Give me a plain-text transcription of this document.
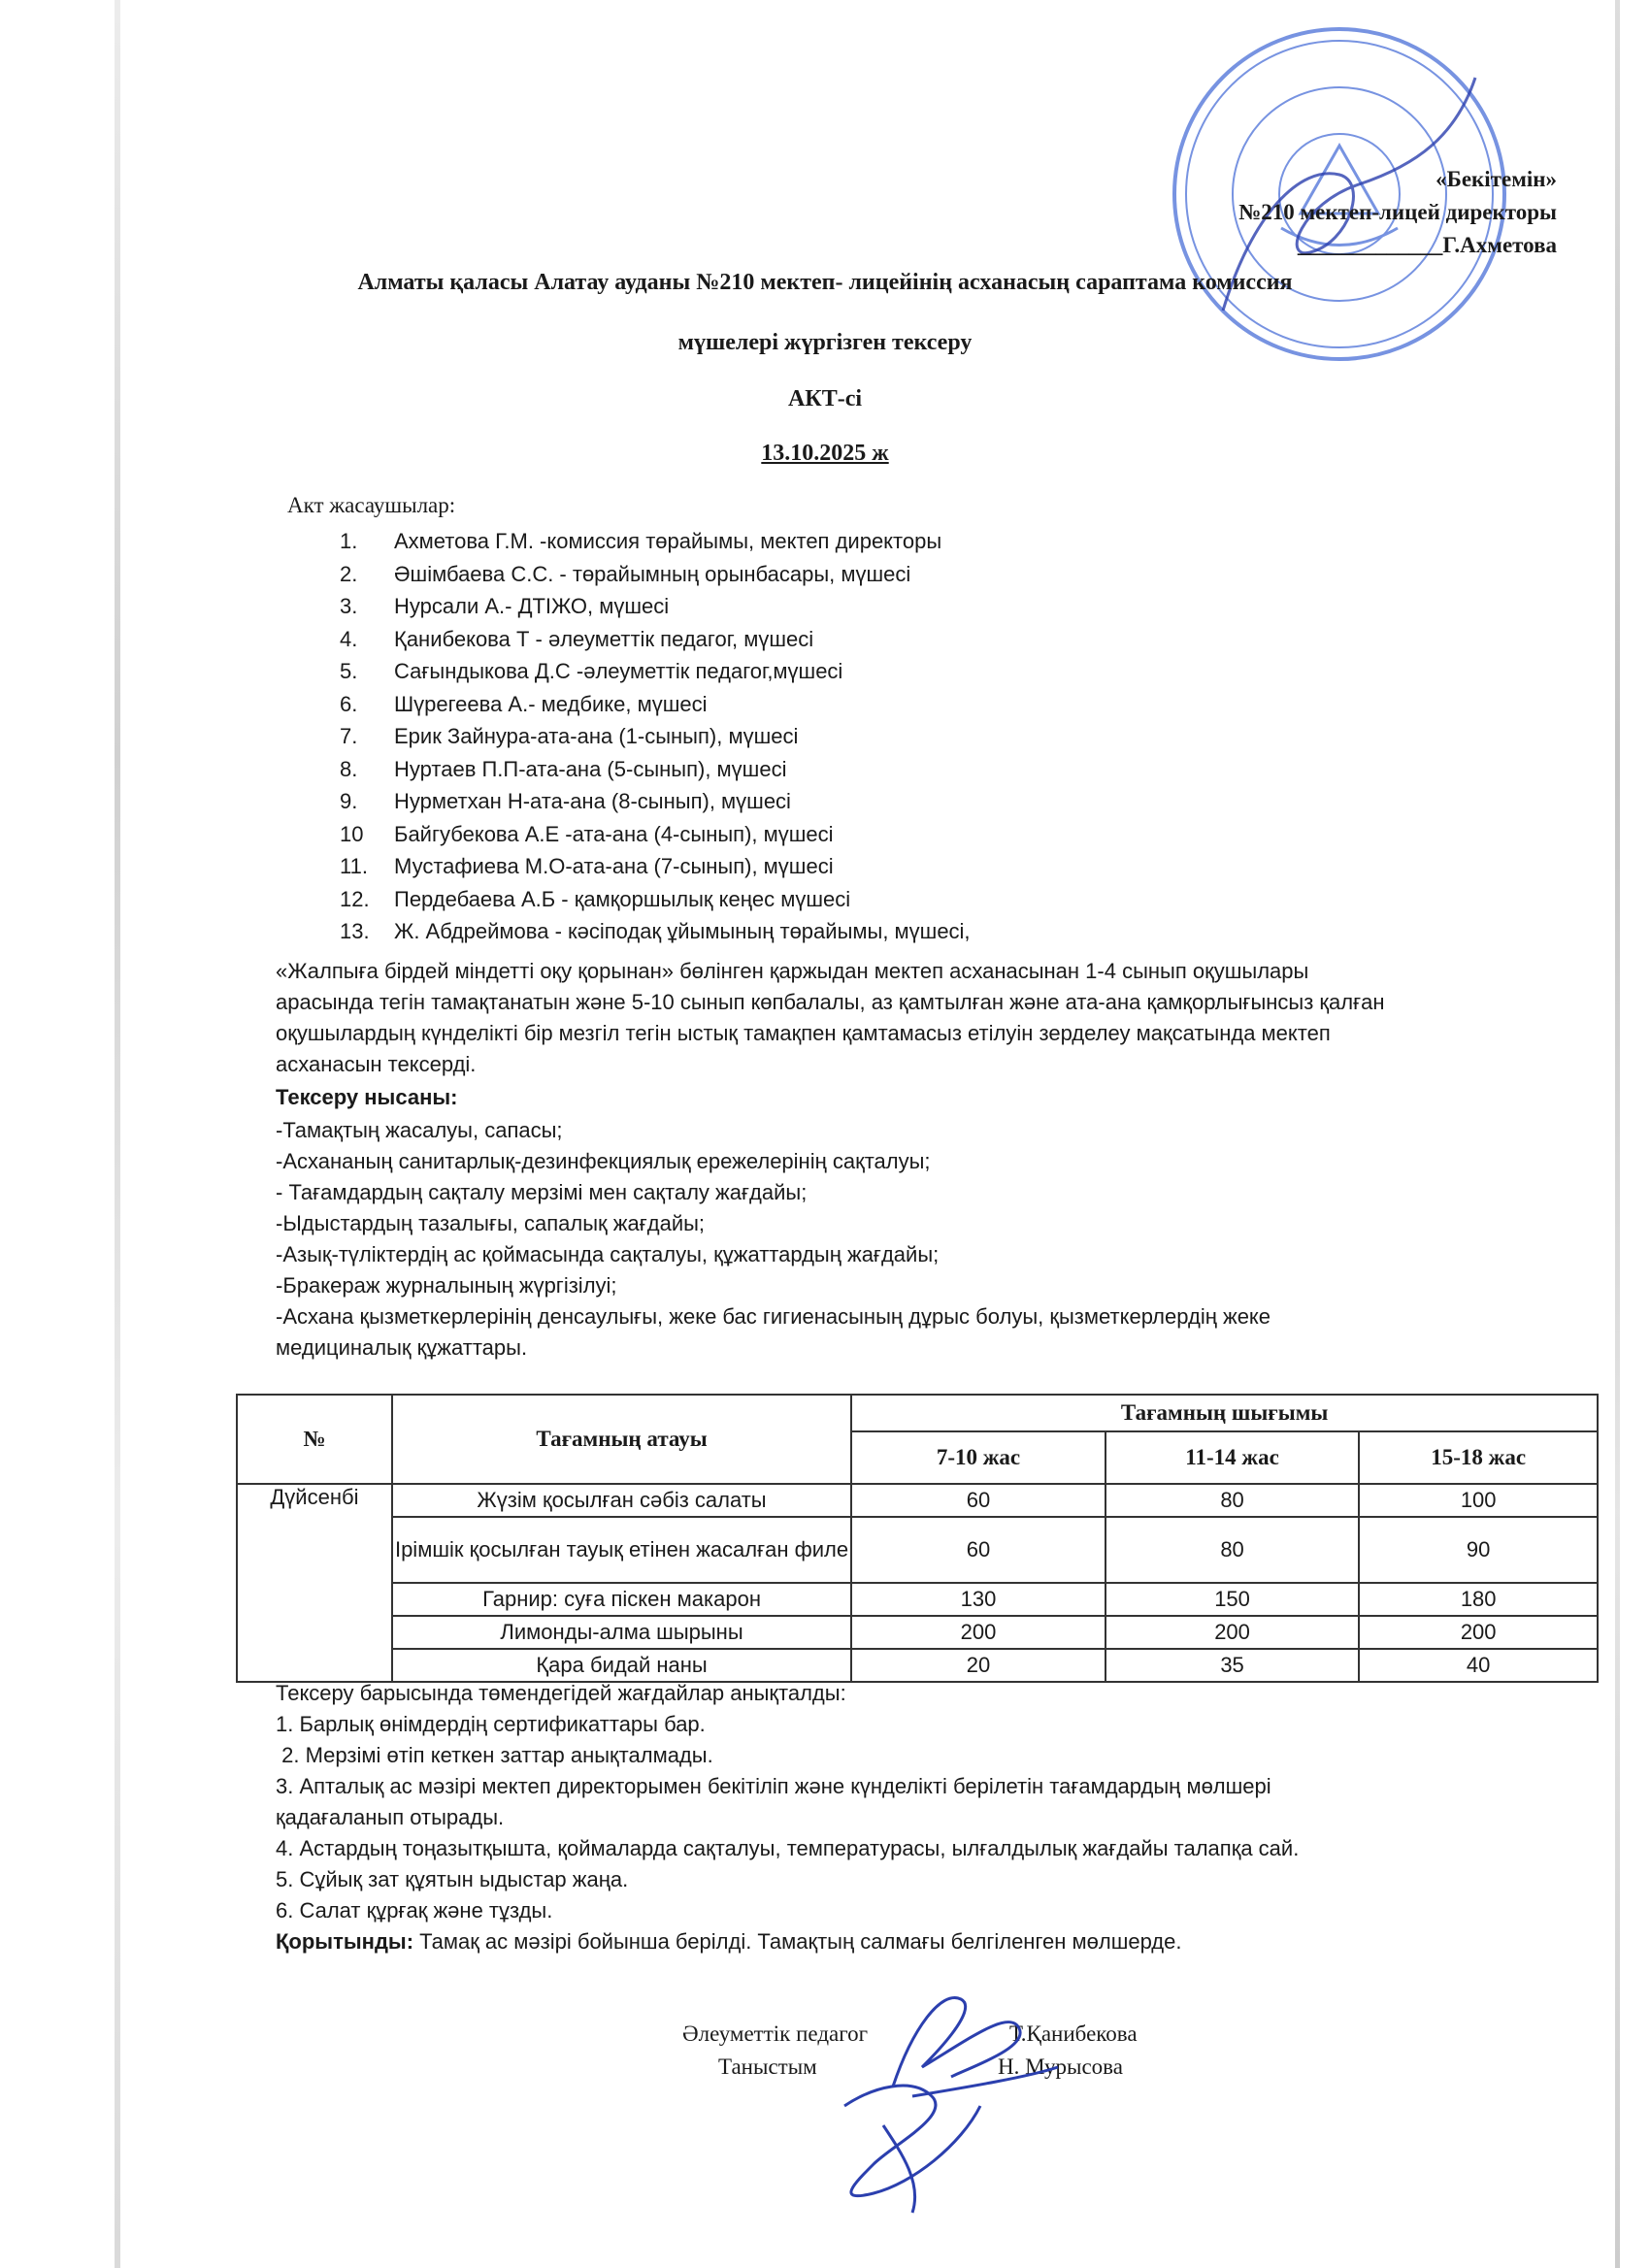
«Бекітемін»
№210 мектеп-лицей директоры
_____________Г.Ахметова
Алматы қаласы Алатау ауданы №210 мектеп- лицейінің асханасың сараптама комиссия
мүшелері жүргізген тексеру
АКТ-сі
13.10.2025 ж
Акт жасаушылар:
1. Ахметова Г.М. -комиссия төрайымы, мектеп директоры
2. Әшімбаева С.С. - төрайымның орынбасары, мүшесі
3. Нурсали А.- ДТІЖО, мүшесі
4. Қанибекова Т - әлеуметтік педагог, мүшесі
5. Сағындыкова Д.С -әлеуметтік педагог,мүшесі
6. Шүрегеева А.- медбике, мүшесі
7. Ерик Зайнура-ата-ана (1-сынып), мүшесі
8. Нуртаев П.П-ата-ана (5-сынып), мүшесі
9. Нурметхан Н-ата-ана (8-сынып), мүшесі
10 Байгубекова А.Е -ата-ана (4-сынып), мүшесі
11. Мустафиева М.О-ата-ана (7-сынып), мүшесі
12. Пердебаева А.Б - қамқоршылық кеңес мүшесі
13. Ж. Абдреймова - кәсіподақ ұйымының төрайымы, мүшесі,
«Жалпыға бірдей міндетті оқу қорынан» бөлінген қаржыдан мектеп асханасынан 1-4 сынып оқушылары
арасында тегін тамақтанатын және 5-10 сынып көпбалалы, аз қамтылған және ата-ана қамқорлығынсыз қалған
оқушылардың күнделікті бір мезгіл тегін ыстық тамақпен қамтамасыз етілуін зерделеу мақсатында мектеп
асханасын тексерді.
Тексеру нысаны:
-Тамақтың жасалуы, сапасы;
-Асхананың санитарлық-дезинфекциялық ережелерінің сақталуы;
- Тағамдардың сақталу мерзімі мен сақталу жағдайы;
-Ыдыстардың тазалығы, сапалық жағдайы;
-Азық-түліктердің ас қоймасында сақталуы, құжаттардың жағдайы;
-Бракераж журналының жүргізілуі;
-Асхана қызметкерлерінің денсаулығы, жеке бас гигиенасының дұрыс болуы, қызметкерлердің жеке
медициналық құжаттары.
№	Тағамның атауы	Тағамның шығымы		
		7-10 жас	11-14 жас	15-18 жас
Дүйсенбі	Жүзім қосылған сәбіз салаты	60	80	100
	Ірімшік қосылған тауық етінен жасалған филе	60	80	90
	Гарнир: суға піскен макарон	130	150	180
	Лимонды-алма шырыны	200	200	200
	Қара бидай наны	20	35	40
Тексеру барысында төмендегідей жағдайлар анықталды:
1. Барлық өнімдердің сертификаттары бар.
2. Мерзімі өтіп кеткен заттар анықталмады.
3. Апталық ас мәзірі мектеп директорымен бекітіліп және күнделікті берілетін тағамдардың мөлшері
қадағаланып отырады.
4. Астардың тоңазытқышта, қоймаларда сақталуы, температурасы, ылғалдылық жағдайы талапқа сай.
5. Сұйық зат құятын ыдыстар жаңа.
6. Салат құрғақ және тұзды.
Қорытынды: Тамақ ас мәзірі бойынша берілді. Тамақтың салмағы белгіленген мөлшерде.
Әлеуметтік педагог	Т.Қанибекова
Таныстым	Н. Мурысова
